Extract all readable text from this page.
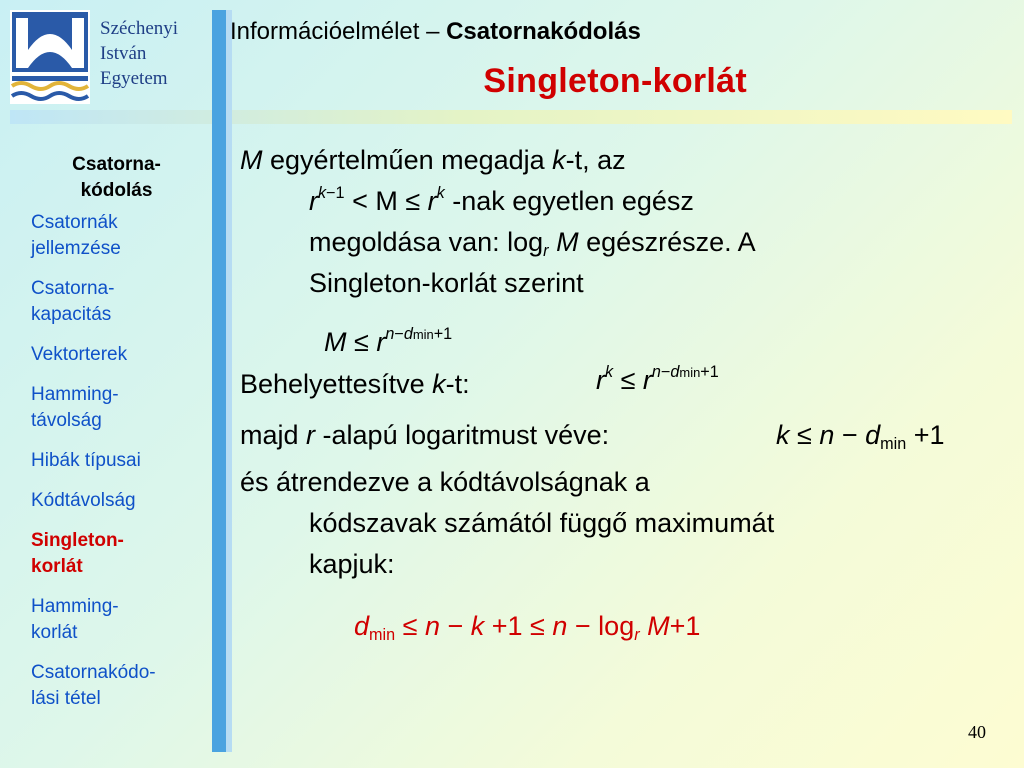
Széchenyi
István
Egyetem
Információelmélet – Csatornakódolás
Singleton-korlát
Csatorna-
kódolás
Csatornák
jellemzése
Csatorna-
kapacitás
Vektorterek
Hamming-
távolság
Hibák típusai
Kódtávolság
Singleton-
korlát
Hamming-
korlát
Csatornakódo-
lási tétel
M egyértelműen megadja k-t, az
$r^{k-1} < M \le r^k$ -nak egyetlen egész
megoldása van: $\log_r M$ egészrésze. A
Singleton-korlát szerint
$M \le r^{n-dmin+1}$
Behelyettesítve k-t:	$r^k \le r^{n-dmin+1}$
majd r -alapú logaritmust véve:	$k \le n - d_{min} +1$
és átrendezve a kódtávolságnak a
kódszavak számától függő maximumát
kapjuk:
$d_{min} \le n - k +1 \le n - \log_r M+1$
40
